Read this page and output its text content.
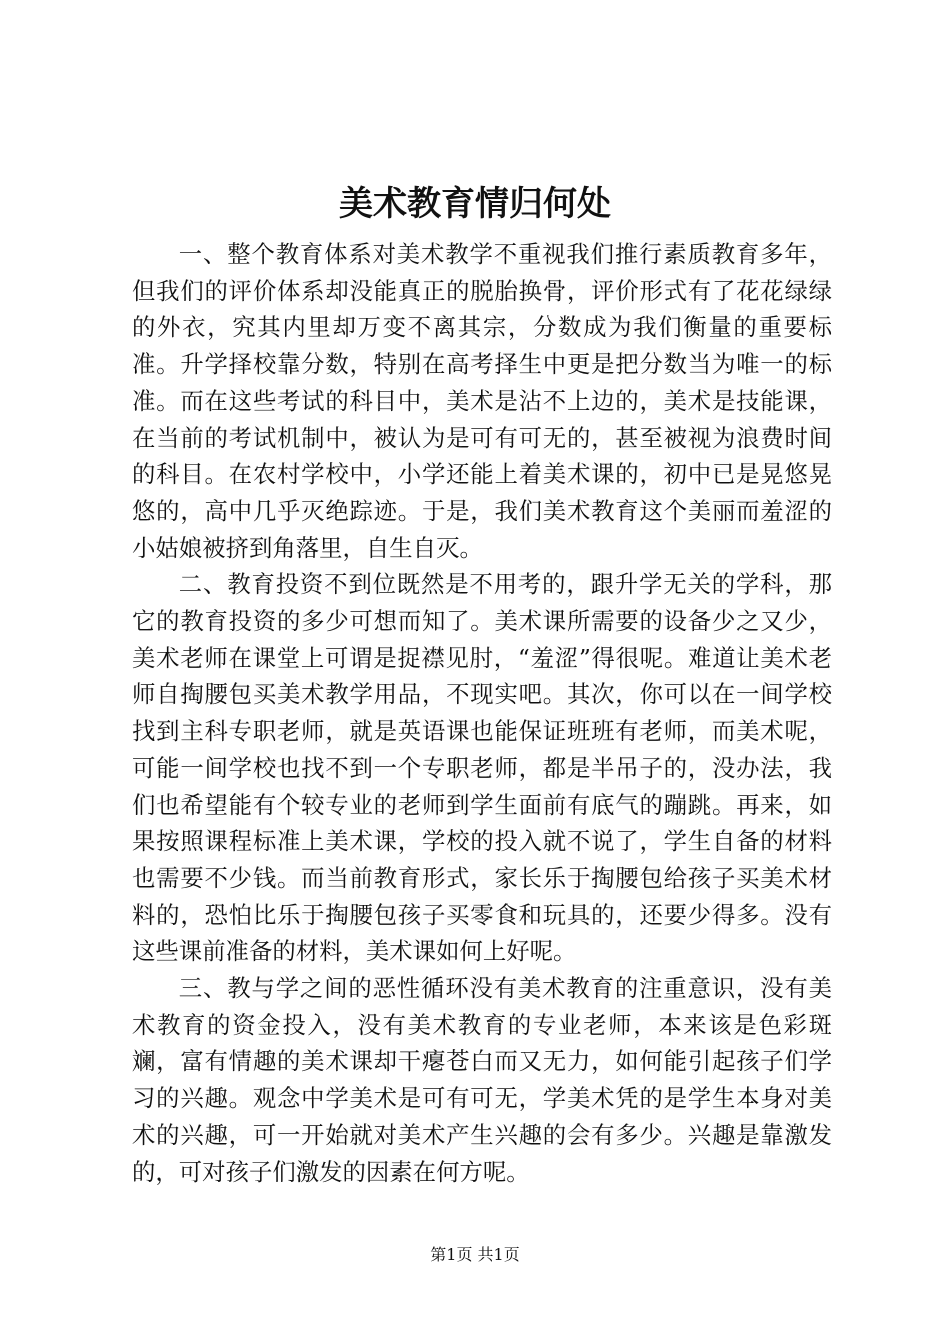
美术教育情归何处

一、整个教育体系对美术教学不重视我们推行素质教育多年，但我们的评价体系却没能真正的脱胎换骨，评价形式有了花花绿绿的外衣，究其内里却万变不离其宗，分数成为我们衡量的重要标准。升学择校靠分数，特别在高考择生中更是把分数当为唯一的标准。而在这些考试的科目中，美术是沾不上边的，美术是技能课，在当前的考试机制中，被认为是可有可无的，甚至被视为浪费时间的科目。在农村学校中，小学还能上着美术课的，初中已是晃悠晃悠的，高中几乎灭绝踪迹。于是，我们美术教育这个美丽而羞涩的小姑娘被挤到角落里，自生自灭。

二、教育投资不到位既然是不用考的，跟升学无关的学科，那它的教育投资的多少可想而知了。美术课所需要的设备少之又少，美术老师在课堂上可谓是捉襟见肘，“羞涩”得很呢。难道让美术老师自掏腰包买美术教学用品，不现实吧。其次，你可以在一间学校找到主科专职老师，就是英语课也能保证班班有老师，而美术呢，可能一间学校也找不到一个专职老师，都是半吊子的，没办法，我们也希望能有个较专业的老师到学生面前有底气的蹦跳。再来，如果按照课程标准上美术课，学校的投入就不说了，学生自备的材料也需要不少钱。而当前教育形式，家长乐于掏腰包给孩子买美术材料的，恐怕比乐于掏腰包孩子买零食和玩具的，还要少得多。没有这些课前准备的材料，美术课如何上好呢。

三、教与学之间的恶性循环没有美术教育的注重意识，没有美术教育的资金投入，没有美术教育的专业老师，本来该是色彩斑斓，富有情趣的美术课却干瘪苍白而又无力，如何能引起孩子们学习的兴趣。观念中学美术是可有可无，学美术凭的是学生本身对美术的兴趣，可一开始就对美术产生兴趣的会有多少。兴趣是靠激发的，可对孩子们激发的因素在何方呢。

第1页 共1页
